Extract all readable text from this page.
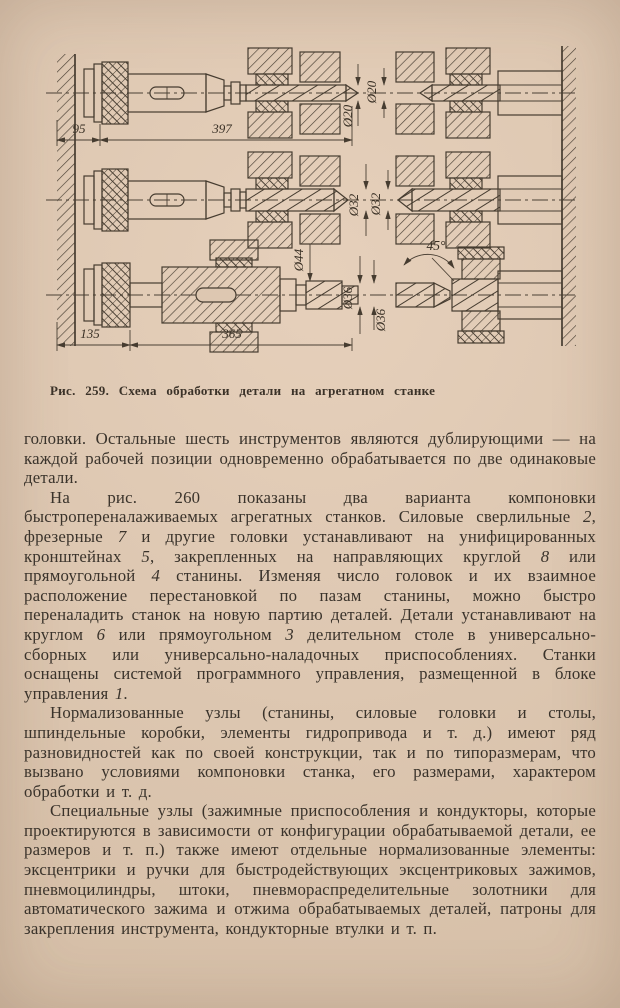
Ø20
Ø20
95	397
Ø32 Ø32
Ø44
Ø36
Ø36
45°
135	365
Рис. 259. Схема обработки детали на агрегатном станке

головки. Остальные шесть инструментов являются дублирующими — на каждой рабочей позиции одновременно обрабатывается по две одинаковые детали.

На рис. 260 показаны два варианта компоновки быстропереналаживаемых агрегатных станков. Силовые сверлильные 2, фрезерные 7 и другие головки устанавливают на унифицированных кронштейнах 5, закрепленных на направляющих круглой 8 или прямоугольной 4 станины. Изменяя число головок и их взаимное расположение перестановкой по пазам станины, можно быстро переналадить станок на новую партию деталей. Детали устанавливают на круглом 6 или прямоугольном 3 делительном столе в универсально-сборных или универсально-наладочных приспособлениях. Станки оснащены системой программного управления, размещенной в блоке управления 1.

Нормализованные узлы (станины, силовые головки и столы, шпиндельные коробки, элементы гидропривода и т. д.) имеют ряд разновидностей как по своей конструкции, так и по типоразмерам, что вызвано условиями компоновки станка, его размерами, характером обработки и т. д.

Специальные узлы (зажимные приспособления и кондукторы, которые проектируются в зависимости от конфигурации обрабатываемой детали, ее размеров и т. п.) также имеют отдельные нормализованные элементы: эксцентрики и ручки для быстродействующих эксцентриковых зажимов, пневмоцилиндры, штоки, пневмораспределительные золотники для автоматического зажима и отжима обрабатываемых деталей, патроны для закрепления инструмента, кондукторные втулки и т. п.
